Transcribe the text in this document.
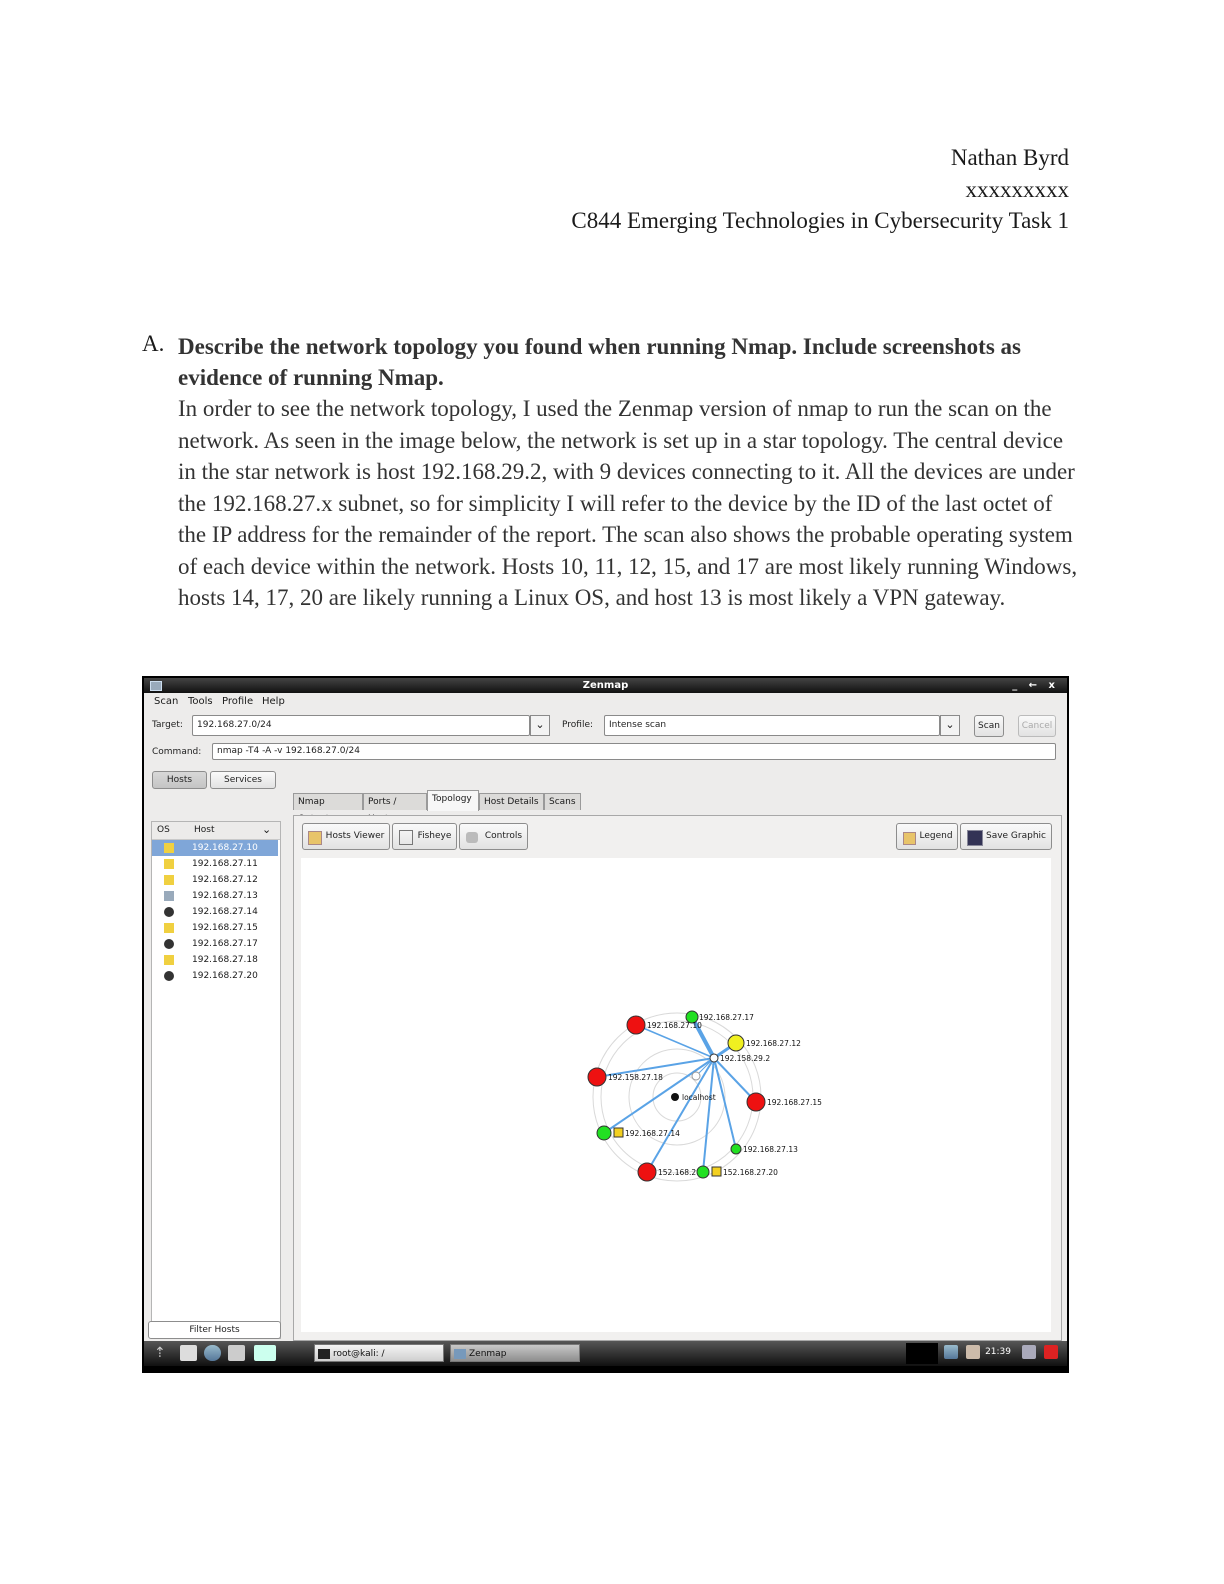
Nathan Byrd
xxxxxxxxx
C844 Emerging Technologies in Cybersecurity Task 1
A. Describe the network topology you found when running Nmap. Include screenshots as evidence of running Nmap.
In order to see the network topology, I used the Zenmap version of nmap to run the scan on the network. As seen in the image below, the network is set up in a star topology. The central device in the star network is host 192.168.29.2, with 9 devices connecting to it. All the devices are under the 192.168.27.x subnet, so for simplicity I will refer to the device by the ID of the last octet of the IP address for the remainder of the report. The scan also shows the probable operating system of each device within the network. Hosts 10, 11, 12, 15, and 17 are most likely running Windows, hosts 14, 17, 20 are likely running a Linux OS, and host 13 is most likely a VPN gateway.
Zenmap	_ ← x
Scan Tools Profile Help
Target:	192.168.27.0/24	⌄	Profile:	Intense scan	⌄	Scan	Cancel
Command:	nmap -T4 -A -v 192.168.27.0/24
Hosts	Services
OS	Host	⌄
192.168.27.10
192.168.27.11
192.168.27.12
192.168.27.13
192.168.27.14
192.168.27.15
192.168.27.17
192.168.27.18
192.168.27.20
Nmap	Ports /	Topology	Host Details	Scans
Hosts Viewer	Fisheye	Controls	Legend	Save Graphic
192.168.27.17
192.168.27.10
192.168.27.12
192.158.29.2
192.158.27.18
localhost
192.168.27.15
192.168.27.14
192.168.27.13
152.168.2	152.168.27.20
Filter Hosts
⇡	root@kali: /	Zenmap	21:39
